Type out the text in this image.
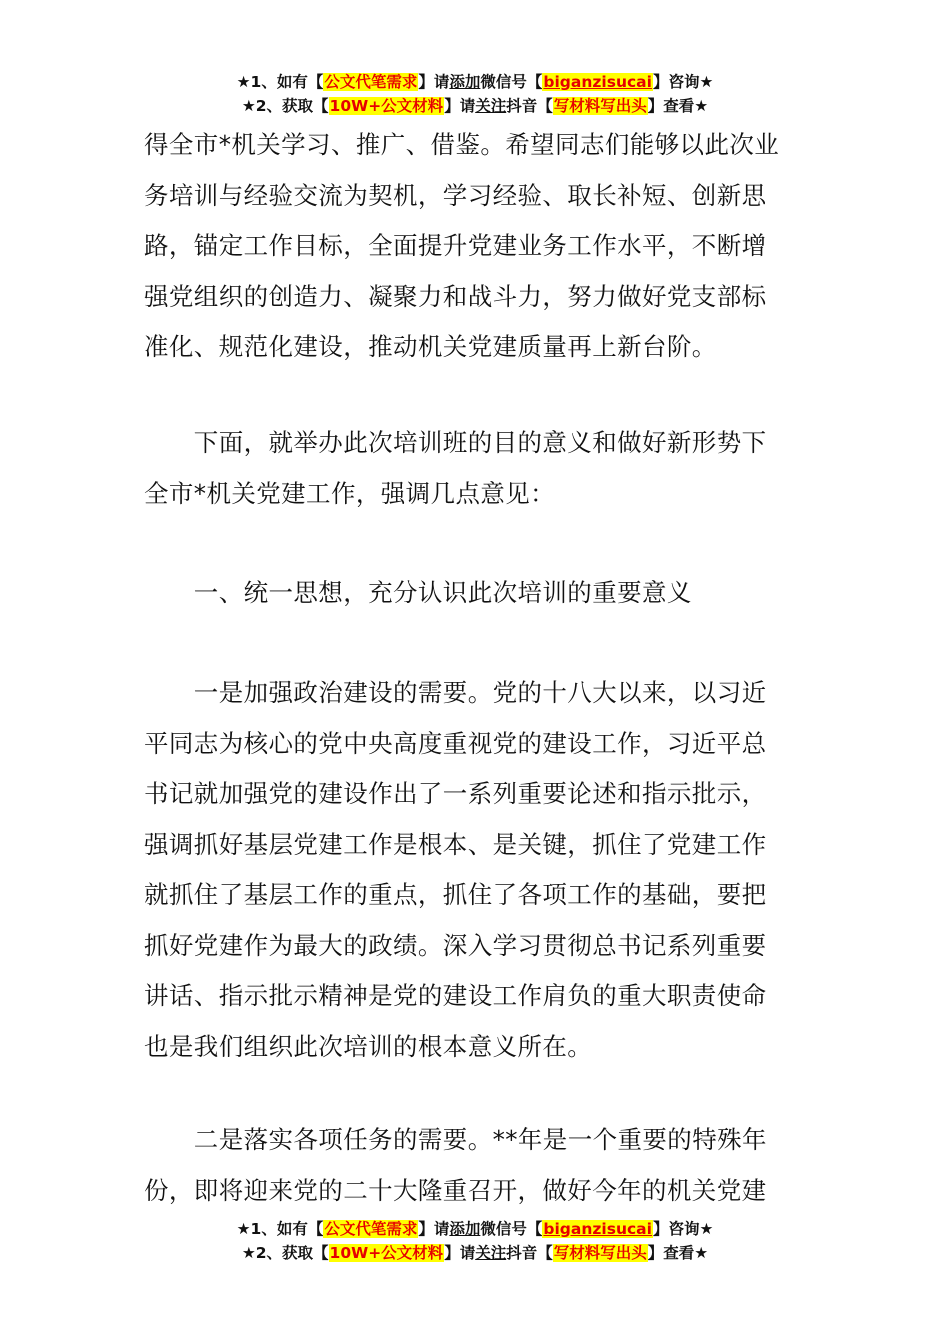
★1、如有【公文代笔需求】请添加微信号【biganzisucai】咨询★
★2、获取【10W+公文材料】请关注抖音【写材料写出头】查看★
得全市*机关学习、推广、借鉴。希望同志们能够以此次业
务培训与经验交流为契机，学习经验、取长补短、创新思
路，锚定工作目标，全面提升党建业务工作水平，不断增
强党组织的创造力、凝聚力和战斗力，努力做好党支部标
准化、规范化建设，推动机关党建质量再上新台阶。
　　下面，就举办此次培训班的目的意义和做好新形势下
全市*机关党建工作，强调几点意见：
　　一、统一思想，充分认识此次培训的重要意义
　　一是加强政治建设的需要。党的十八大以来，以习近
平同志为核心的党中央高度重视党的建设工作，习近平总
书记就加强党的建设作出了一系列重要论述和指示批示，
强调抓好基层党建工作是根本、是关键，抓住了党建工作
就抓住了基层工作的重点，抓住了各项工作的基础，要把
抓好党建作为最大的政绩。深入学习贯彻总书记系列重要
讲话、指示批示精神是党的建设工作肩负的重大职责使命
也是我们组织此次培训的根本意义所在。
　　二是落实各项任务的需要。**年是一个重要的特殊年
份，即将迎来党的二十大隆重召开，做好今年的机关党建
★1、如有【公文代笔需求】请添加微信号【biganzisucai】咨询★
★2、获取【10W+公文材料】请关注抖音【写材料写出头】查看★
